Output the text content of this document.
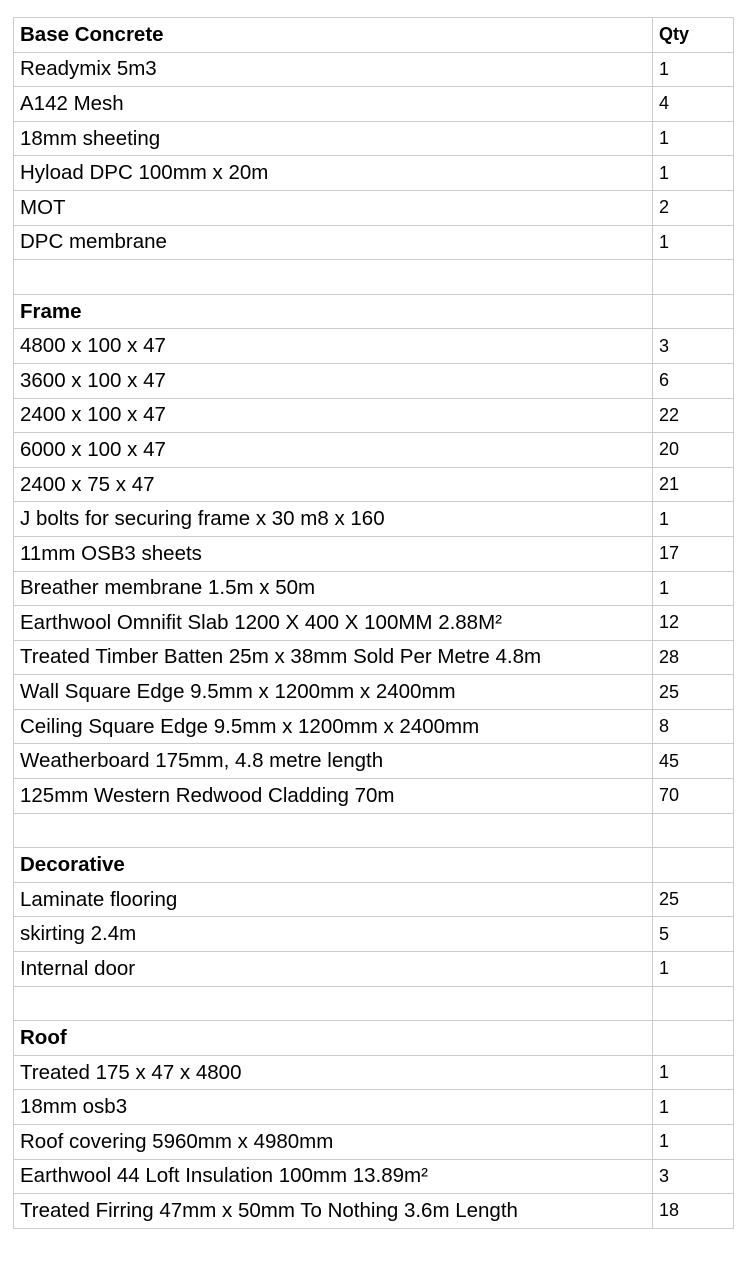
Base Concrete	Qty
Readymix 5m3	1
A142 Mesh	4
18mm sheeting	1
Hyload DPC 100mm x 20m	1
MOT	2
DPC membrane	1

Frame	
4800 x 100 x 47	3
3600 x 100 x 47	6
2400 x 100 x 47	22
6000 x 100 x 47	20
2400 x 75 x 47	21
J bolts for securing frame x 30 m8 x 160	1
11mm OSB3 sheets	17
Breather membrane 1.5m x 50m	1
Earthwool Omnifit Slab 1200 X 400 X 100MM 2.88M²	12
Treated Timber Batten 25m x 38mm Sold Per Metre 4.8m	28
Wall Square Edge 9.5mm x 1200mm x 2400mm	25
Ceiling Square Edge 9.5mm x 1200mm x 2400mm	8
Weatherboard 175mm, 4.8 metre length	45
125mm Western Redwood Cladding 70m	70

Decorative	
Laminate flooring	25
skirting 2.4m	5
Internal door	1

Roof	
Treated 175 x 47 x 4800	1
18mm osb3	1
Roof covering 5960mm x 4980mm	1
Earthwool 44 Loft Insulation 100mm 13.89m²	3
Treated Firring 47mm x 50mm To Nothing 3.6m Length	18
